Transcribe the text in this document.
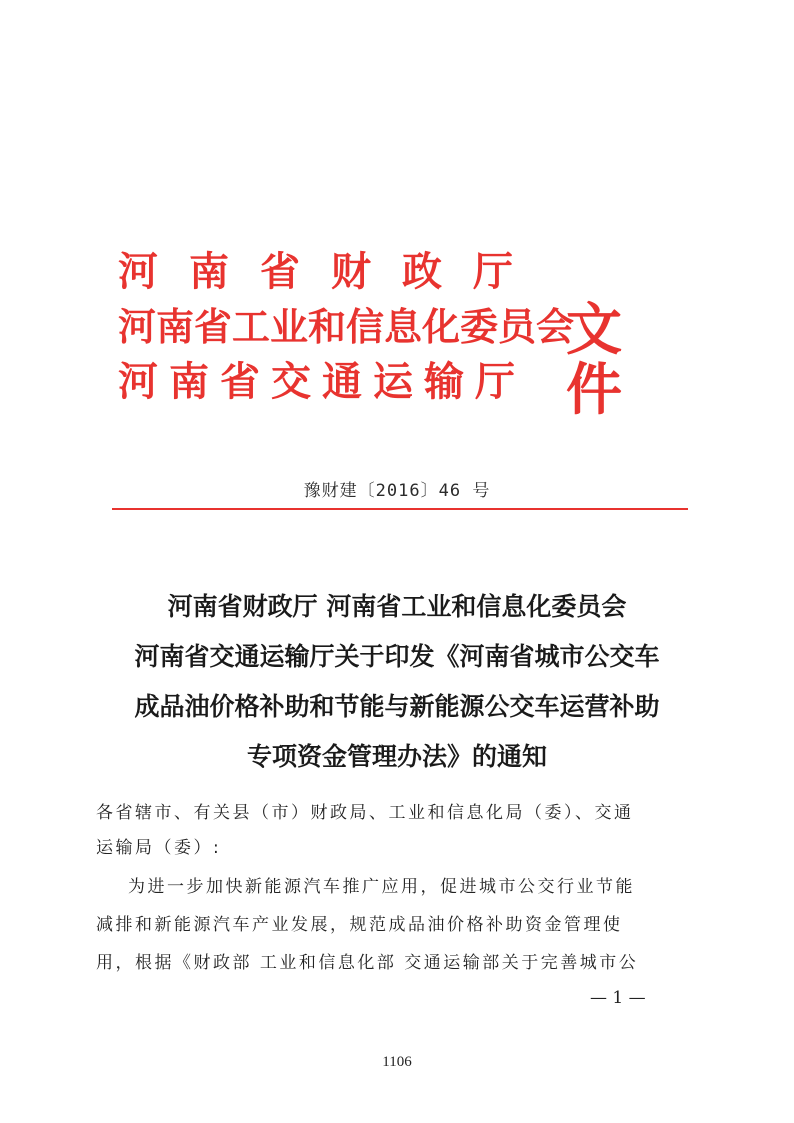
河南省财政厅
河南省工业和信息化委员会
河南省交通运输厅
文件
豫财建〔2016〕46 号
河南省财政厅 河南省工业和信息化委员会
河南省交通运输厅关于印发《河南省城市公交车
成品油价格补助和节能与新能源公交车运营补助
专项资金管理办法》的通知
各省辖市、有关县（市）财政局、工业和信息化局（委）、交通
运输局（委）:
为进一步加快新能源汽车推广应用，促进城市公交行业节能
减排和新能源汽车产业发展，规范成品油价格补助资金管理使
用，根据《财政部 工业和信息化部 交通运输部关于完善城市公
— 1 —
1106
